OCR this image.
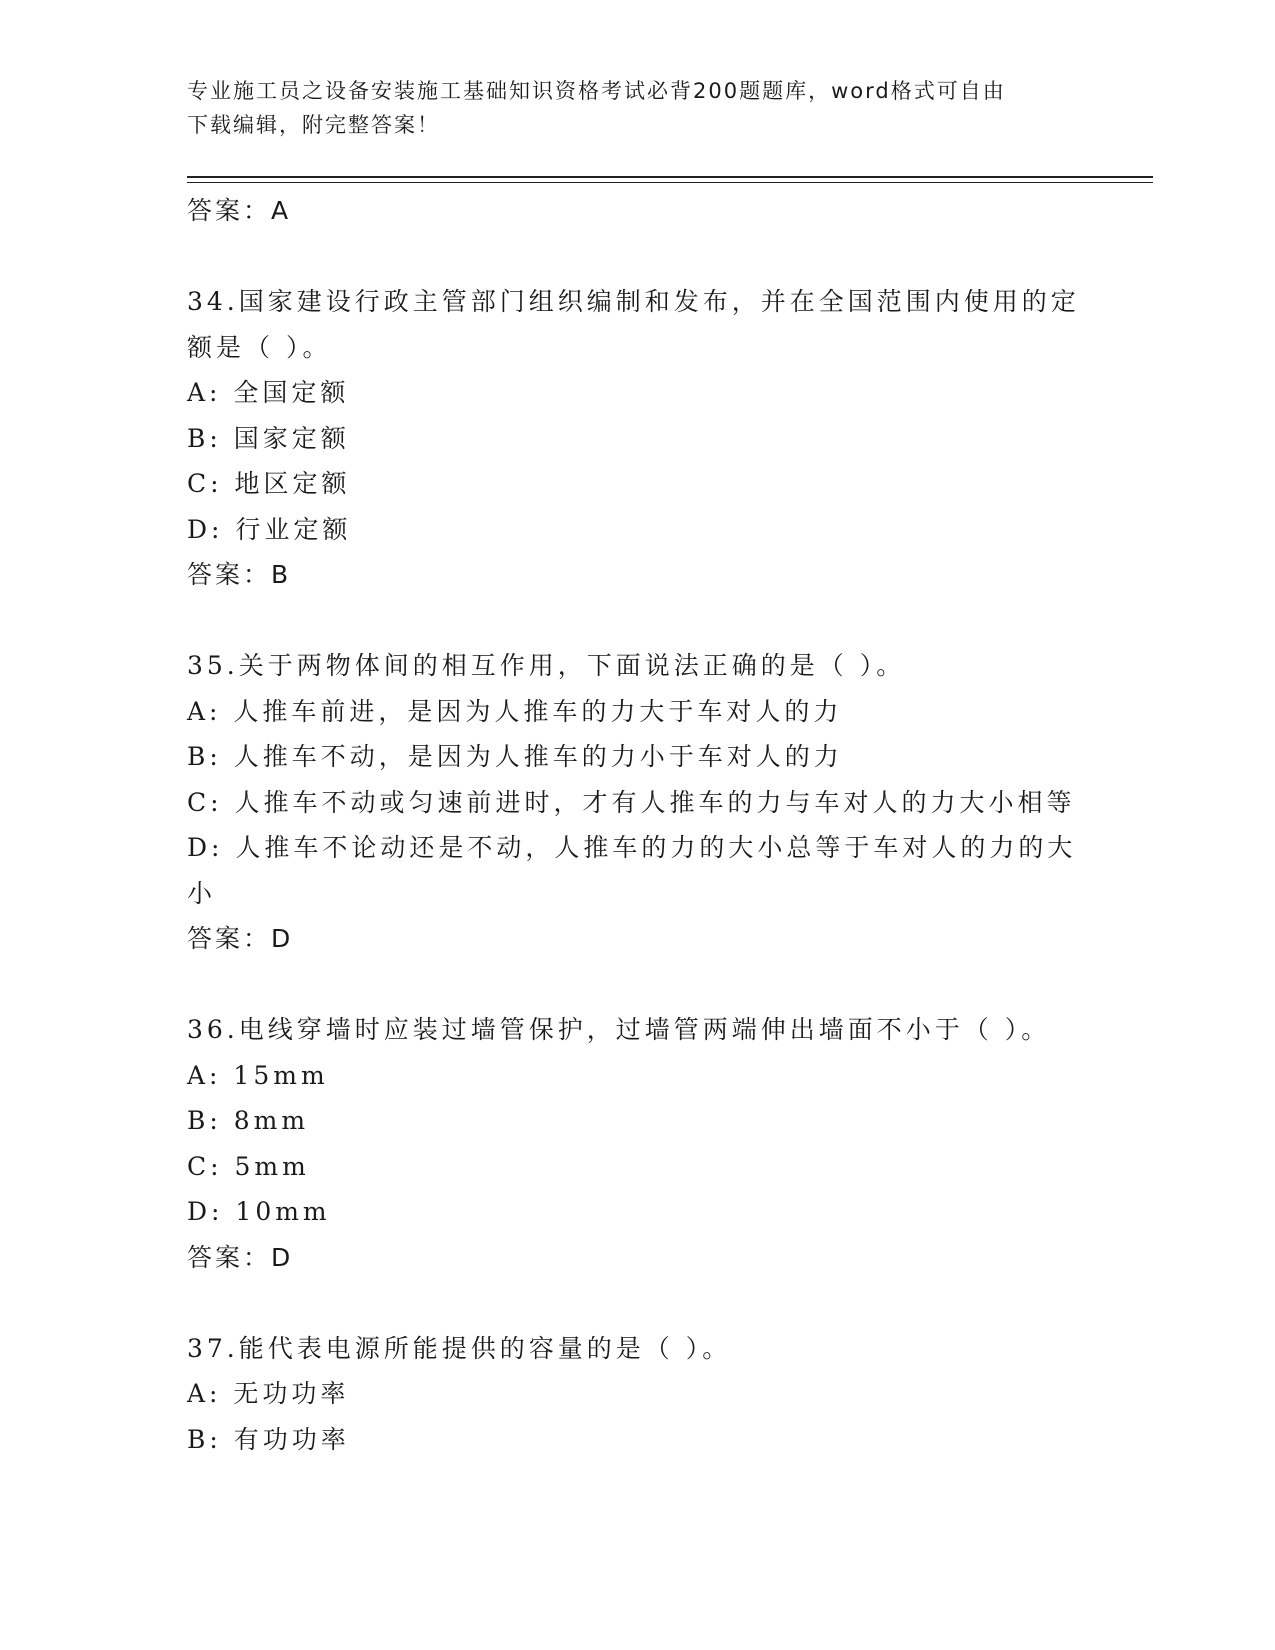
专业施工员之设备安装施工基础知识资格考试必背200题题库，word格式可自由
下载编辑，附完整答案！
答案：A
34.国家建设行政主管部门组织编制和发布，并在全国范围内使用的定
额是（ ）。
A: 全国定额
B: 国家定额
C: 地区定额
D: 行业定额
答案：B
35.关于两物体间的相互作用，下面说法正确的是（ ）。
A: 人推车前进，是因为人推车的力大于车对人的力
B: 人推车不动，是因为人推车的力小于车对人的力
C: 人推车不动或匀速前进时，才有人推车的力与车对人的力大小相等
D: 人推车不论动还是不动，人推车的力的大小总等于车对人的力的大
小
答案：D
36.电线穿墙时应装过墙管保护，过墙管两端伸出墙面不小于（ ）。
A: 15mm
B: 8mm
C: 5mm
D: 10mm
答案：D
37.能代表电源所能提供的容量的是（ ）。
A: 无功功率
B: 有功功率
